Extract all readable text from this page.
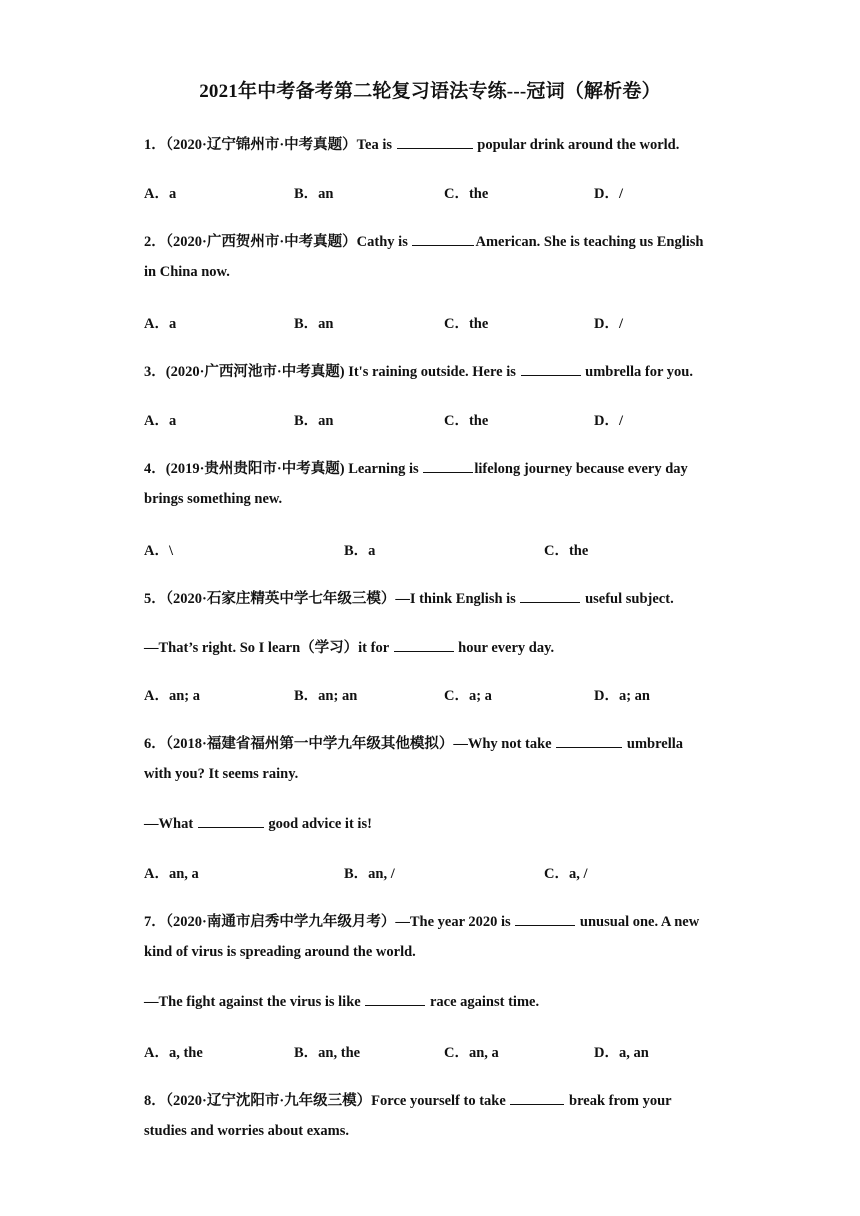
2021年中考备考第二轮复习语法专练---冠词（解析卷）
1．（2020·辽宁锦州市·中考真题）Tea is	popular drink around the world.
A．a	B．an	C．the	D．/
2．（2020·广西贺州市·中考真题）Cathy is	American. She is teaching us English
in China now.
A．a	B．an	C．the	D．/
3．(2020·广西河池市·中考真题) It's raining outside. Here is	umbrella for you.
A．a	B．an	C．the	D．/
4．(2019·贵州贵阳市·中考真题) Learning is	lifelong journey because every day
brings something new.
A．\	B．a	C．the
5．（2020·石家庄精英中学七年级三模）—I think English is	useful subject.
—That’s right. So I learn（学习）it for	hour every day.
A．an; a	B．an; an	C．a; a	D．a; an
6．（2018·福建省福州第一中学九年级其他模拟）—Why not take	umbrella
with you? It seems rainy.
—What	good advice it is!
A．an, a	B．an, /	C．a, /
7．（2020·南通市启秀中学九年级月考）—The year 2020 is	unusual one. A new
kind of virus is spreading around the world.
—The fight against the virus is like	race against time.
A．a, the	B．an, the	C．an, a	D．a, an
8．（2020·辽宁沈阳市·九年级三模）Force yourself to take	break from your
studies and worries about exams.
